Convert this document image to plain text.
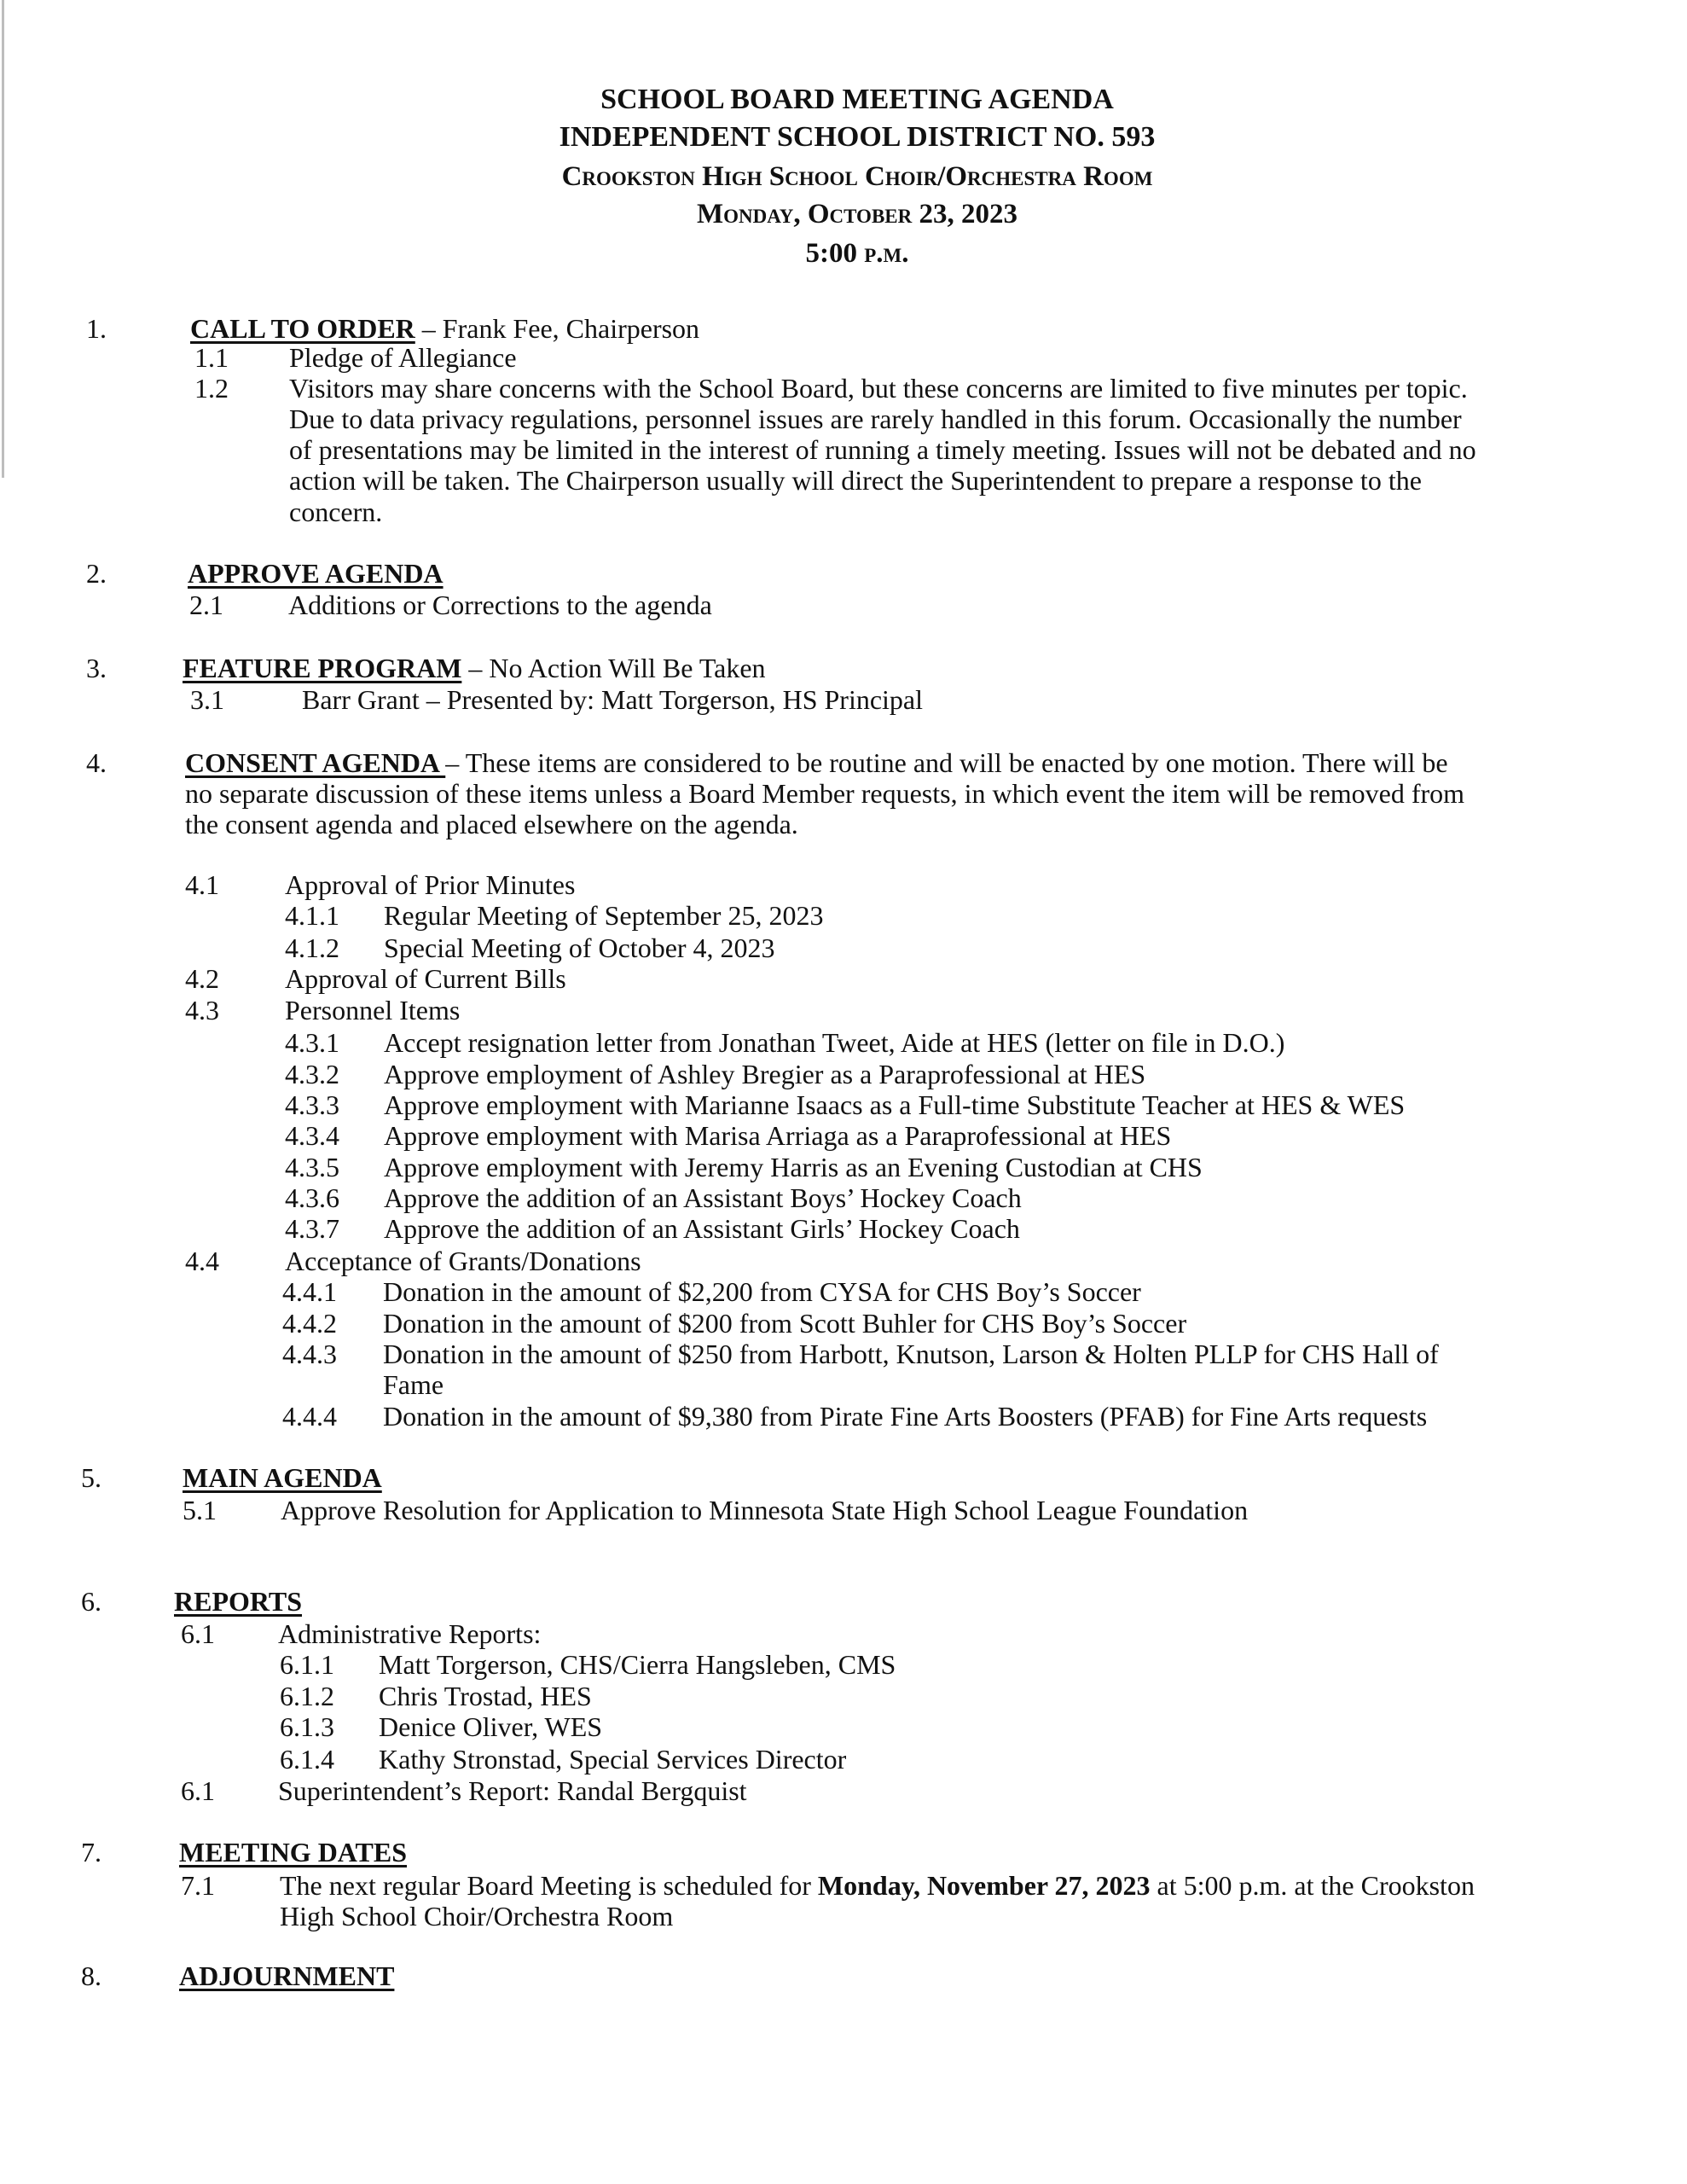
SCHOOL BOARD MEETING AGENDA
INDEPENDENT SCHOOL DISTRICT NO. 593
Crookston High School Choir/Orchestra Room
Monday, October 23, 2023
5:00 p.m.
1.	CALL TO ORDER – Frank Fee, Chairperson
1.1 Pledge of Allegiance
1.2 Visitors may share concerns with the School Board, but these concerns are limited to five minutes per topic.
Due to data privacy regulations, personnel issues are rarely handled in this forum. Occasionally the number
of presentations may be limited in the interest of running a timely meeting. Issues will not be debated and no
action will be taken. The Chairperson usually will direct the Superintendent to prepare a response to the
concern.
2.	APPROVE AGENDA
2.1 Additions or Corrections to the agenda
3.	FEATURE PROGRAM – No Action Will Be Taken
3.1	Barr Grant – Presented by: Matt Torgerson, HS Principal
4.	CONSENT AGENDA – These items are considered to be routine and will be enacted by one motion. There will be
no separate discussion of these items unless a Board Member requests, in which event the item will be removed from
the consent agenda and placed elsewhere on the agenda.
4.1 Approval of Prior Minutes
4.1.1 Regular Meeting of September 25, 2023
4.1.2 Special Meeting of October 4, 2023
4.2 Approval of Current Bills
4.3 Personnel Items
4.3.1 Accept resignation letter from Jonathan Tweet, Aide at HES (letter on file in D.O.)
4.3.2 Approve employment of Ashley Bregier as a Paraprofessional at HES
4.3.3 Approve employment with Marianne Isaacs as a Full-time Substitute Teacher at HES & WES
4.3.4 Approve employment with Marisa Arriaga as a Paraprofessional at HES
4.3.5 Approve employment with Jeremy Harris as an Evening Custodian at CHS
4.3.6 Approve the addition of an Assistant Boys’ Hockey Coach
4.3.7 Approve the addition of an Assistant Girls’ Hockey Coach
4.4 Acceptance of Grants/Donations
4.4.1 Donation in the amount of $2,200 from CYSA for CHS Boy’s Soccer
4.4.2 Donation in the amount of $200 from Scott Buhler for CHS Boy’s Soccer
4.4.3 Donation in the amount of $250 from Harbott, Knutson, Larson & Holten PLLP for CHS Hall of
Fame
4.4.4 Donation in the amount of $9,380 from Pirate Fine Arts Boosters (PFAB) for Fine Arts requests
5.	MAIN AGENDA
5.1 Approve Resolution for Application to Minnesota State High School League Foundation
6.	REPORTS
6.1 Administrative Reports:
6.1.1 Matt Torgerson, CHS/Cierra Hangsleben, CMS
6.1.2 Chris Trostad, HES
6.1.3 Denice Oliver, WES
6.1.4 Kathy Stronstad, Special Services Director
6.1 Superintendent’s Report: Randal Bergquist
7.	MEETING DATES
7.1 The next regular Board Meeting is scheduled for Monday, November 27, 2023 at 5:00 p.m. at the Crookston
High School Choir/Orchestra Room
8.	ADJOURNMENT
